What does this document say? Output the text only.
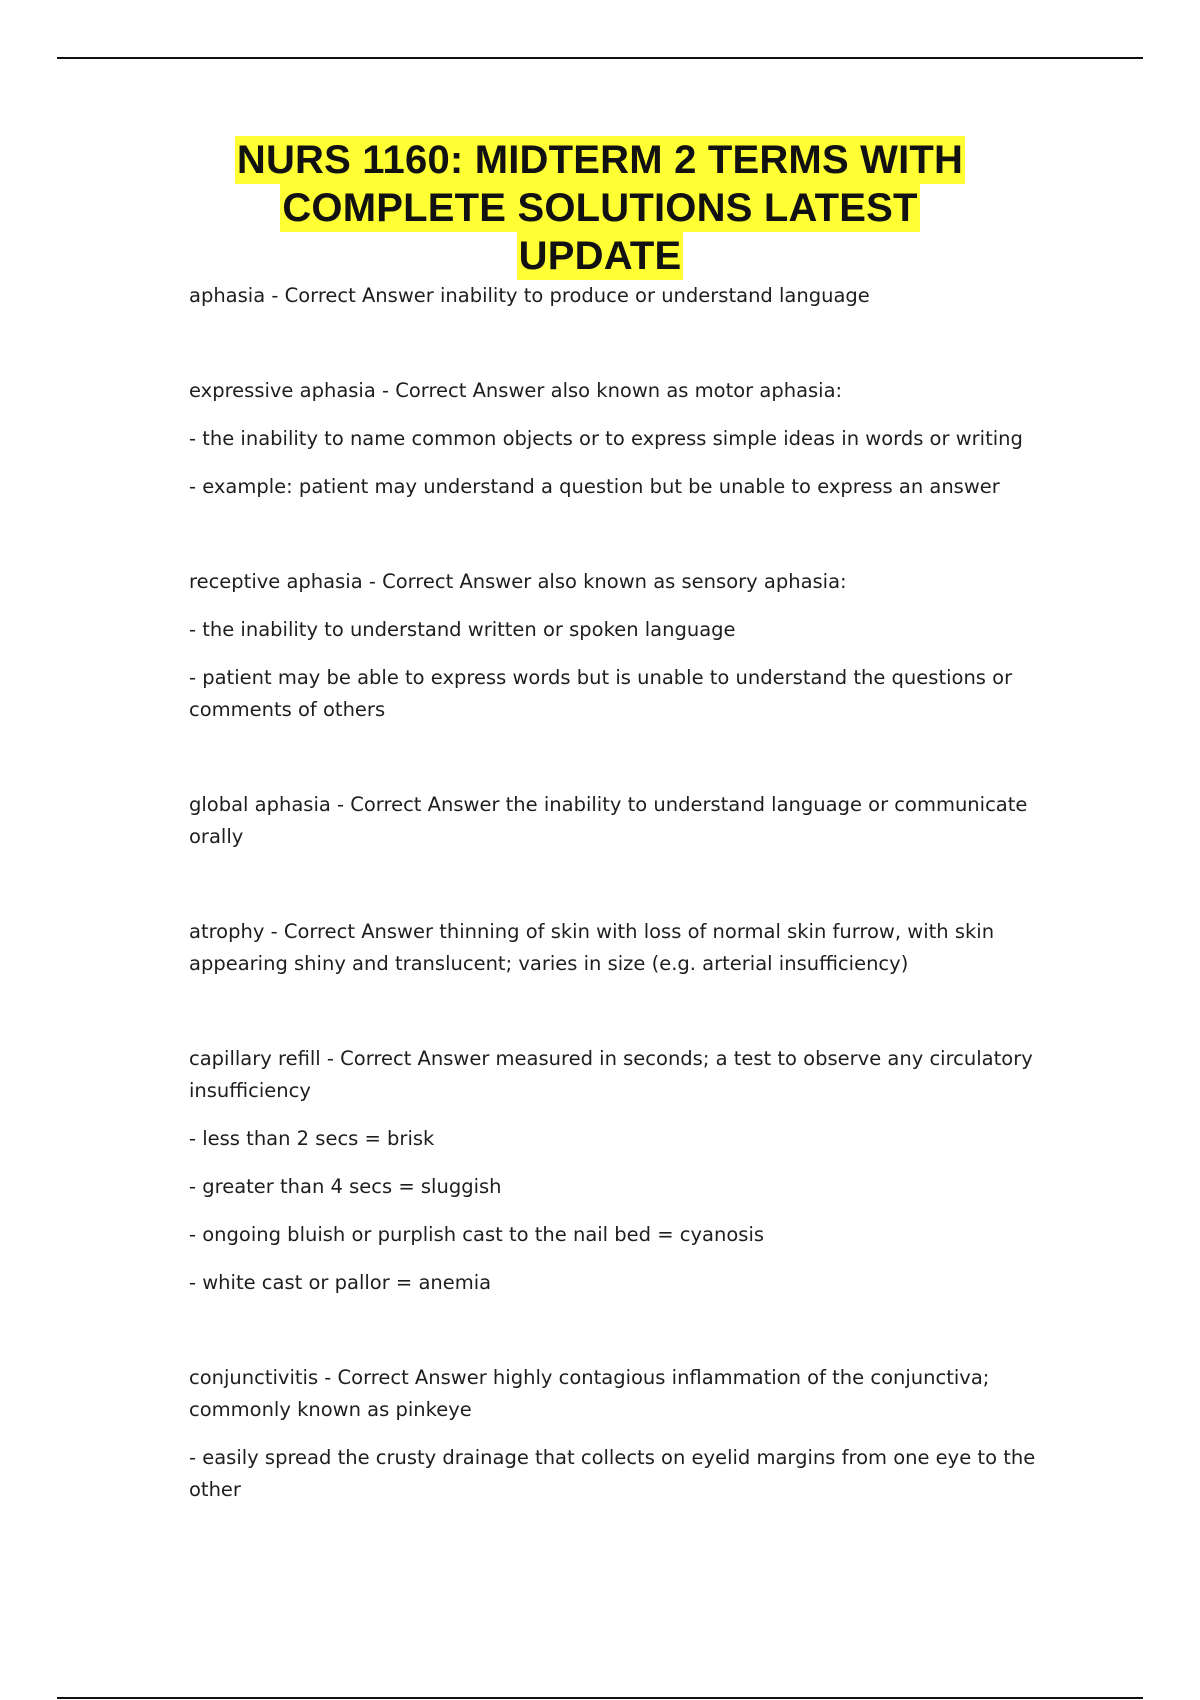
NURS 1160: MIDTERM 2 TERMS WITH
COMPLETE SOLUTIONS LATEST
UPDATE

aphasia - Correct Answer inability to produce or understand language

expressive aphasia - Correct Answer also known as motor aphasia:

- the inability to name common objects or to express simple ideas in words or writing

- example: patient may understand a question but be unable to express an answer

receptive aphasia - Correct Answer also known as sensory aphasia:

- the inability to understand written or spoken language

- patient may be able to express words but is unable to understand the questions or comments of others

global aphasia - Correct Answer the inability to understand language or communicate orally

atrophy - Correct Answer thinning of skin with loss of normal skin furrow, with skin appearing shiny and translucent; varies in size (e.g. arterial insufficiency)

capillary refill - Correct Answer measured in seconds; a test to observe any circulatory insufficiency

- less than 2 secs = brisk

- greater than 4 secs = sluggish

- ongoing bluish or purplish cast to the nail bed = cyanosis

- white cast or pallor = anemia

conjunctivitis - Correct Answer highly contagious inflammation of the conjunctiva; commonly known as pinkeye

- easily spread the crusty drainage that collects on eyelid margins from one eye to the other
